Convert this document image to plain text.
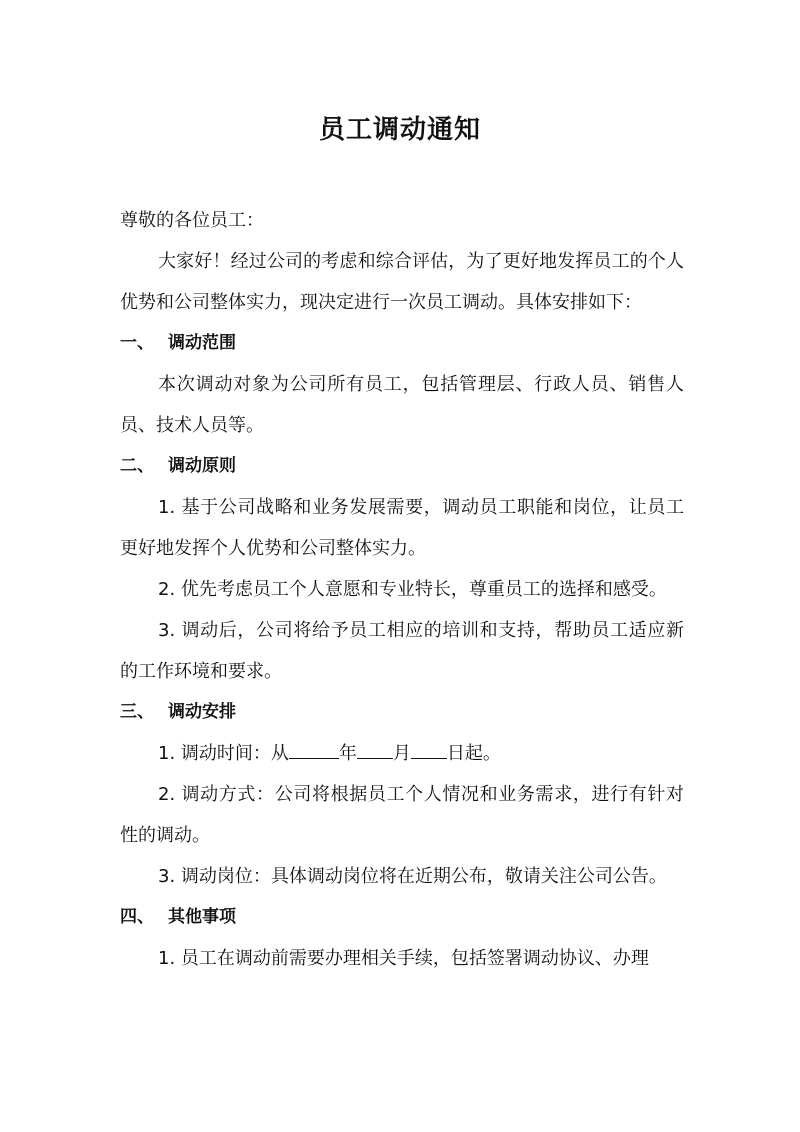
员工调动通知

尊敬的各位员工：

大家好！经过公司的考虑和综合评估，为了更好地发挥员工的个人优势和公司整体实力，现决定进行一次员工调动。具体安排如下：

一、 调动范围

本次调动对象为公司所有员工，包括管理层、行政人员、销售人员、技术人员等。

二、 调动原则

1. 基于公司战略和业务发展需要，调动员工职能和岗位，让员工更好地发挥个人优势和公司整体实力。

2. 优先考虑员工个人意愿和专业特长，尊重员工的选择和感受。

3. 调动后，公司将给予员工相应的培训和支持，帮助员工适应新的工作环境和要求。

三、 调动安排

1. 调动时间：从	年 月 日起。

2. 调动方式：公司将根据员工个人情况和业务需求，进行有针对性的调动。

3. 调动岗位：具体调动岗位将在近期公布，敬请关注公司公告。

四、 其他事项

1. 员工在调动前需要办理相关手续，包括签署调动协议、办理
